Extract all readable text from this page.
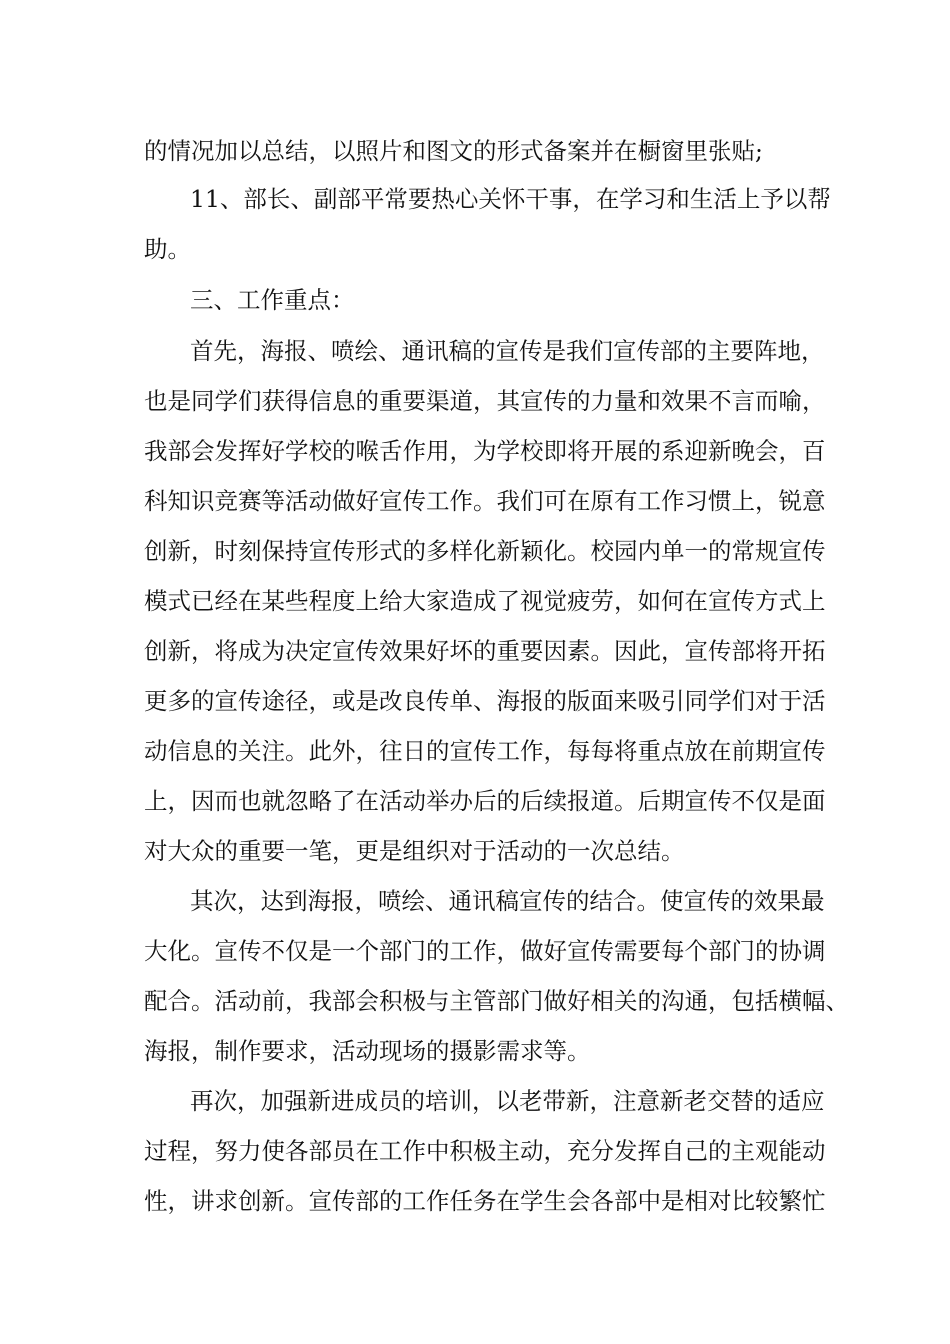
的情况加以总结，以照片和图文的形式备案并在橱窗里张贴;
11、部长、副部平常要热心关怀干事，在学习和生活上予以帮
助。
三、工作重点：
首先，海报、喷绘、通讯稿的宣传是我们宣传部的主要阵地，
也是同学们获得信息的重要渠道，其宣传的力量和效果不言而喻，
我部会发挥好学校的喉舌作用，为学校即将开展的系迎新晚会，百
科知识竞赛等活动做好宣传工作。我们可在原有工作习惯上，锐意
创新，时刻保持宣传形式的多样化新颖化。校园内单一的常规宣传
模式已经在某些程度上给大家造成了视觉疲劳，如何在宣传方式上
创新，将成为决定宣传效果好坏的重要因素。因此，宣传部将开拓
更多的宣传途径，或是改良传单、海报的版面来吸引同学们对于活
动信息的关注。此外，往日的宣传工作，每每将重点放在前期宣传
上，因而也就忽略了在活动举办后的后续报道。后期宣传不仅是面
对大众的重要一笔，更是组织对于活动的一次总结。
其次，达到海报，喷绘、通讯稿宣传的结合。使宣传的效果最
大化。宣传不仅是一个部门的工作，做好宣传需要每个部门的协调
配合。活动前，我部会积极与主管部门做好相关的沟通，包括横幅、
海报，制作要求，活动现场的摄影需求等。
再次，加强新进成员的培训，以老带新，注意新老交替的适应
过程，努力使各部员在工作中积极主动，充分发挥自己的主观能动
性，讲求创新。宣传部的工作任务在学生会各部中是相对比较繁忙
